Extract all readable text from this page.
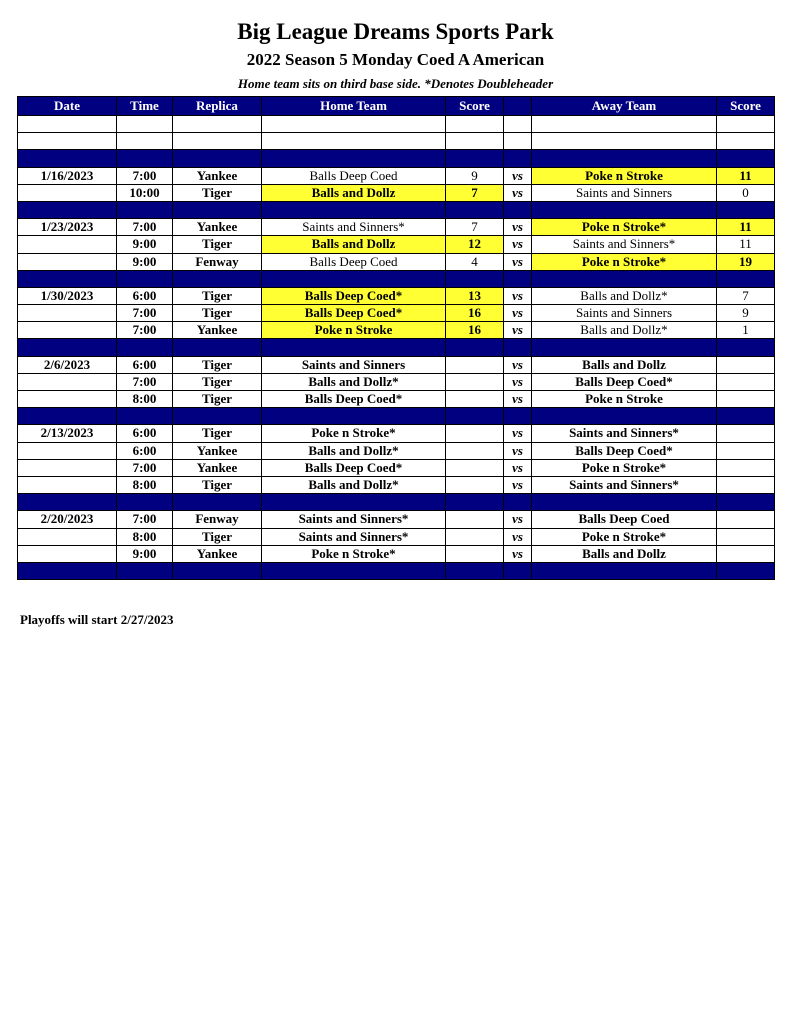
Big League Dreams Sports Park
2022 Season 5 Monday Coed A American

Home team sits on third base side. *Denotes Doubleheader

Date	Time	Replica	Home Team	Score		Away Team	Score

1/16/2023	7:00	Yankee	Balls Deep Coed	9	vs	Poke n Stroke	11
	10:00	Tiger	Balls and Dollz	7	vs	Saints and Sinners	0

1/23/2023	7:00	Yankee	Saints and Sinners*	7	vs	Poke n Stroke*	11
	9:00	Tiger	Balls and Dollz	12	vs	Saints and Sinners*	11
	9:00	Fenway	Balls Deep Coed	4	vs	Poke n Stroke*	19

1/30/2023	6:00	Tiger	Balls Deep Coed*	13	vs	Balls and Dollz*	7
	7:00	Tiger	Balls Deep Coed*	16	vs	Saints and Sinners	9
	7:00	Yankee	Poke n Stroke	16	vs	Balls and Dollz*	1

2/6/2023	6:00	Tiger	Saints and Sinners		vs	Balls and Dollz	
	7:00	Tiger	Balls and Dollz*		vs	Balls Deep Coed*	
	8:00	Tiger	Balls Deep Coed*		vs	Poke n Stroke	

2/13/2023	6:00	Tiger	Poke n Stroke*		vs	Saints and Sinners*	
	6:00	Yankee	Balls and Dollz*		vs	Balls Deep Coed*	
	7:00	Yankee	Balls Deep Coed*		vs	Poke n Stroke*	
	8:00	Tiger	Balls and Dollz*		vs	Saints and Sinners*	

2/20/2023	7:00	Fenway	Saints and Sinners*		vs	Balls Deep Coed	
	8:00	Tiger	Saints and Sinners*		vs	Poke n Stroke*	
	9:00	Yankee	Poke n Stroke*		vs	Balls and Dollz	

Playoffs will start 2/27/2023
